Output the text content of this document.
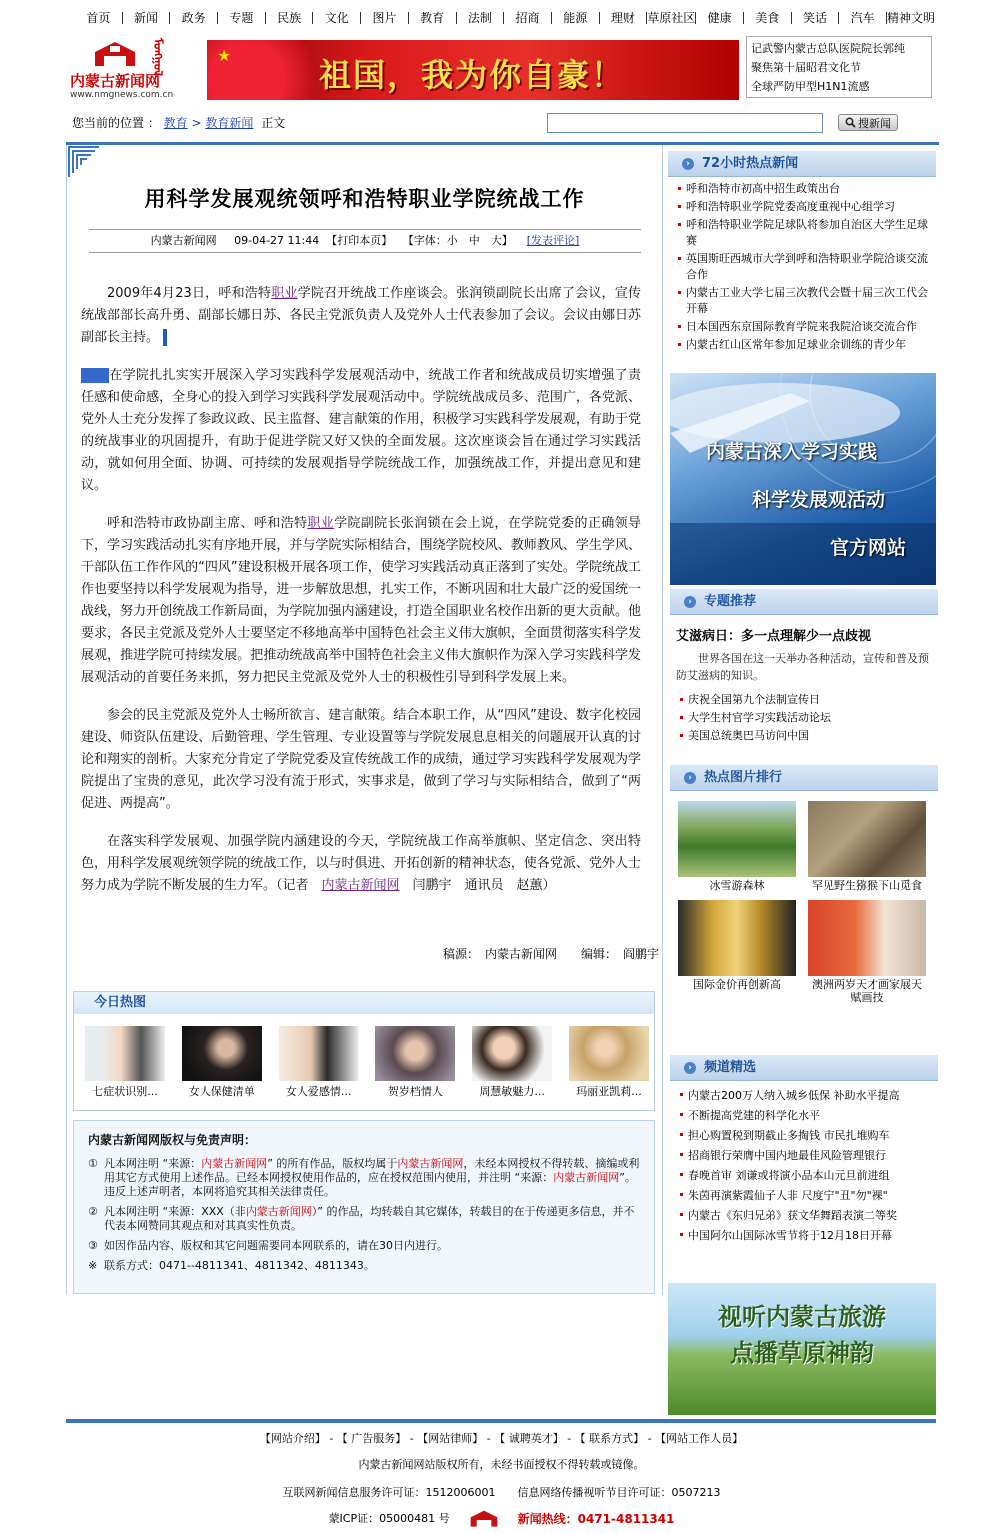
首页	新闻	政务	专题	民族	文化	图片	教育	法制	招商	能源	理财	草原社区	健康	美食	笑话	汽车	精神文明
ᠮᠣᠩᠭᠣᠯ
内蒙古新闻网
www.nmgnews.com.cn
★
祖国，我为你自豪！
记武警内蒙古总队医院院长郭纯
聚焦第十届昭君文化节
全球严防甲型H1N1流感
您当前的位置 ： 教育 > 教育新闻 正文	搜新闻
用科学发展观统领呼和浩特职业学院统战工作
内蒙古新闻网 09-04-27 11:44 【打印本页】 【字体：小　中　大】 [发表评论]

2009年4月23日，呼和浩特职业学院召开统战工作座谈会。张润锁副院长出席了会议，宣传统战部部长高升勇、副部长娜日苏、各民主党派负责人及党外人士代表参加了会议。会议由娜日苏副部长主持。

在学院扎扎实实开展深入学习实践科学发展观活动中，统战工作者和统战成员切实增强了责任感和使命感，全身心的投入到学习实践科学发展观活动中。学院统战成员多、范围广，各党派、党外人士充分发挥了参政议政、民主监督、建言献策的作用，积极学习实践科学发展观，有助于党的统战事业的巩固提升，有助于促进学院又好又快的全面发展。这次座谈会旨在通过学习实践活动，就如何用全面、协调、可持续的发展观指导学院统战工作，加强统战工作，并提出意见和建议。

呼和浩特市政协副主席、呼和浩特职业学院副院长张润锁在会上说，在学院党委的正确领导下，学习实践活动扎实有序地开展，并与学院实际相结合，围绕学院校风、教师教风、学生学风、干部队伍工作作风的“四风”建设积极开展各项工作，使学习实践活动真正落到了实处。学院统战工作也要坚持以科学发展观为指导，进一步解放思想，扎实工作，不断巩固和壮大最广泛的爱国统一战线，努力开创统战工作新局面，为学院加强内涵建设，打造全国职业名校作出新的更大贡献。他要求，各民主党派及党外人士要坚定不移地高举中国特色社会主义伟大旗帜，全面贯彻落实科学发展观，推进学院可持续发展。把推动统战高举中国特色社会主义伟大旗帜作为深入学习实践科学发展观活动的首要任务来抓，努力把民主党派及党外人士的积极性引导到科学发展上来。

参会的民主党派及党外人士畅所欲言、建言献策。结合本职工作，从“四风”建设、数字化校园建设、师资队伍建设、后勤管理、学生管理、专业设置等与学院发展息息相关的问题展开认真的讨论和翔实的剖析。大家充分肯定了学院党委及宣传统战工作的成绩，通过学习实践科学发展观为学院提出了宝贵的意见，此次学习没有流于形式，实事求是，做到了学习与实际相结合，做到了“两促进、两提高”。

在落实科学发展观、加强学院内涵建设的今天，学院统战工作高举旗帜、坚定信念、突出特色，用科学发展观统领学院的统战工作，以与时俱进、开拓创新的精神状态，使各党派、党外人士努力成为学院不断发展的生力军。（记者　内蒙古新闻网　闫鹏宇　通讯员　赵蕙）

稿源：　内蒙古新闻网　　编辑：　阎鹏宇
今日热图
七症状识别...	女人保健清单	女人爱感情...	贺岁档情人	周慧敏魅力...	玛丽亚凯莉...
内蒙古新闻网版权与免责声明：
① 凡本网注明 “来源：内蒙古新闻网” 的所有作品，版权均属于内蒙古新闻网，未经本网授权不得转载、摘编或利用其它方式使用上述作品。已经本网授权使用作品的，应在授权范围内使用，并注明 “来源：内蒙古新闻网”。违反上述声明者，本网将追究其相关法律责任。
② 凡本网注明 “来源：XXX（非内蒙古新闻网）” 的作品，均转载自其它媒体，转载目的在于传递更多信息，并不代表本网赞同其观点和对其真实性负责。
③ 如因作品内容、版权和其它问题需要同本网联系的，请在30日内进行。
※ 联系方式：0471--4811341、4811342、4811343。
› 72小时热点新闻
呼和浩特市初高中招生政策出台
呼和浩特职业学院党委高度重视中心组学习
呼和浩特职业学院足球队将参加自治区大学生足球赛
英国斯旺西城市大学到呼和浩特职业学院洽谈交流合作
内蒙古工业大学七届三次教代会暨十届三次工代会开幕
日本国西东京国际教育学院来我院洽谈交流合作
内蒙古红山区常年参加足球业余训练的青少年
内蒙古深入学习实践
科学发展观活动
官方网站
› 专题推荐
艾滋病日：多一点理解少一点歧视
世界各国在这一天举办各种活动，宣传和普及预防艾滋病的知识。
庆祝全国第九个法制宣传日
大学生村官学习实践活动论坛
美国总统奥巴马访问中国
› 热点图片排行
冰雪游森林	罕见野生猕猴下山觅食
国际金价再创新高	澳洲两岁天才画家展天赋画技
› 频道精选
内蒙古200万人纳入城乡低保 补助水平提高
不断提高党建的科学化水平
担心购置税到期截止多掏钱 市民扎堆购车
招商银行荣膺中国内地最佳风险管理银行
春晚首审 刘谦或将演小品本山元旦前进组
朱茵再演紫霞仙子人非 尺度宁"丑"勿"裸"
内蒙古《东归兄弟》获文华舞蹈表演二等奖
中国阿尔山国际冰雪节将于12月18日开幕
视听内蒙古旅游
点播草原神韵
【网站介绍】 - 【 广告服务】 - 【网站律师】 - 【 诚聘英才】 - 【 联系方式】 - 【网站工作人员】
内蒙古新闻网站版权所有，未经书面授权不得转载或镜像。
互联网新闻信息服务许可证：1512006001　　信息网络传播视听节目许可证：0507213
蒙ICP证：05000481 号	新闻热线：0471-4811341
